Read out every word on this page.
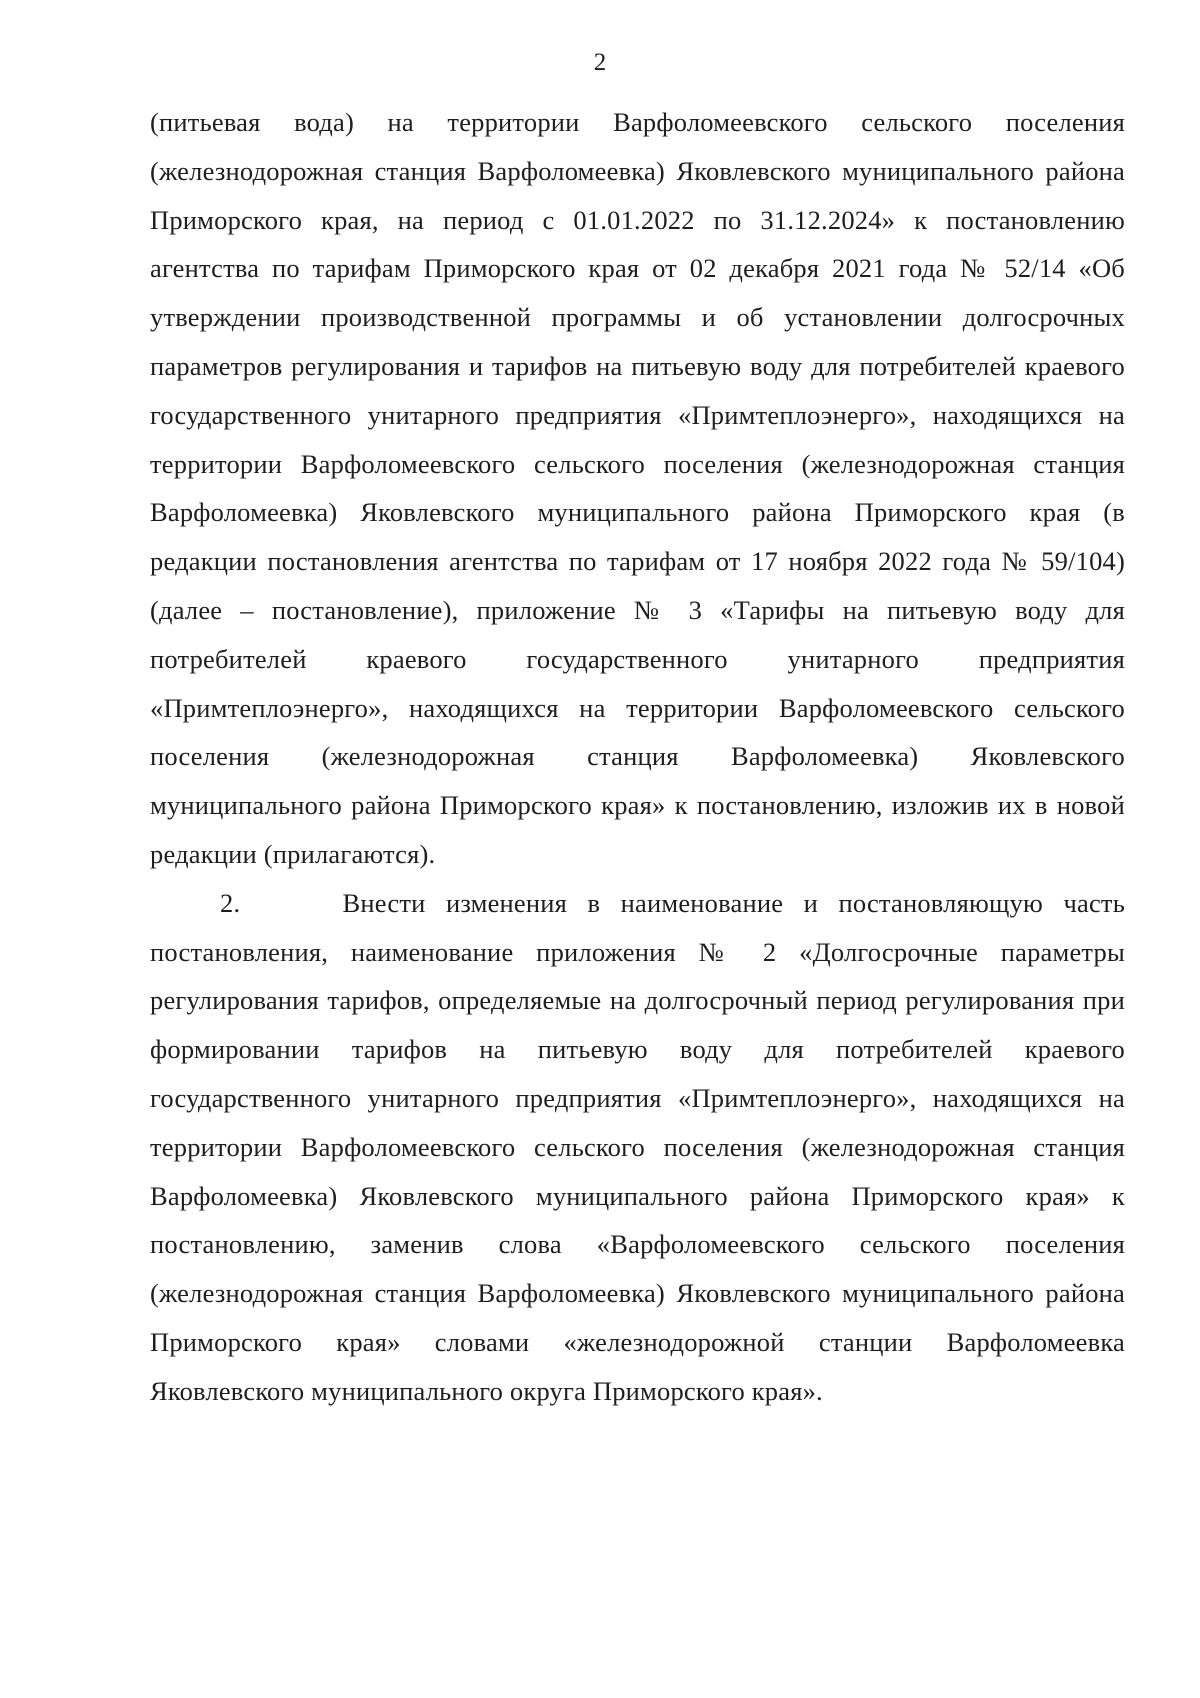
2

(питьевая вода) на территории Варфоломеевского сельского поселения (железнодорожная станция Варфоломеевка) Яковлевского муниципального района Приморского края, на период с 01.01.2022 по 31.12.2024» к постановлению агентства по тарифам Приморского края от 02 декабря 2021 года № 52/14 «Об утверждении производственной программы и об установлении долгосрочных параметров регулирования и тарифов на питьевую воду для потребителей краевого государственного унитарного предприятия «Примтеплоэнерго», находящихся на территории Варфоломеевского сельского поселения (железнодорожная станция Варфоломеевка) Яковлевского муниципального района Приморского края (в редакции постановления агентства по тарифам от 17 ноября 2022 года № 59/104) (далее – постановление), приложение № 3 «Тарифы на питьевую воду для потребителей краевого государственного унитарного предприятия «Примтеплоэнерго», находящихся на территории Варфоломеевского сельского поселения (железнодорожная станция Варфоломеевка) Яковлевского муниципального района Приморского края» к постановлению, изложив их в новой редакции (прилагаются).

2.     Внести изменения в наименование и постановляющую часть постановления, наименование приложения № 2 «Долгосрочные параметры регулирования тарифов, определяемые на долгосрочный период регулирования при формировании тарифов на питьевую воду для потребителей краевого государственного унитарного предприятия «Примтеплоэнерго», находящихся на территории Варфоломеевского сельского поселения (железнодорожная станция Варфоломеевка) Яковлевского муниципального района Приморского края» к постановлению, заменив слова «Варфоломеевского сельского поселения (железнодорожная станция Варфоломеевка) Яковлевского муниципального района Приморского края» словами «железнодорожной станции Варфоломеевка Яковлевского муниципального округа Приморского края».
